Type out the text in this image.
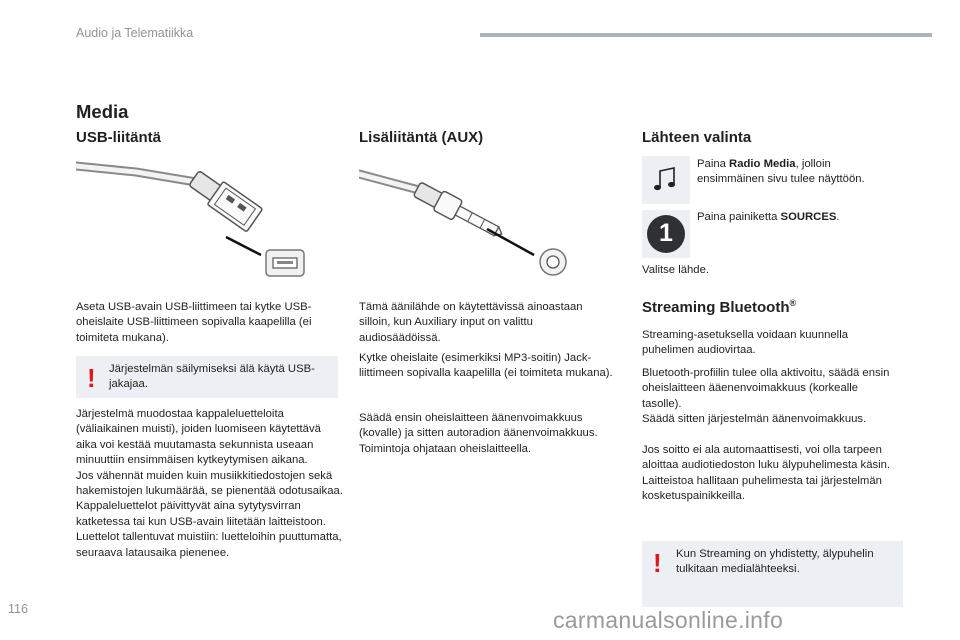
Audio ja Telematiikka
Media
USB-liitäntä

Aseta USB-avain USB-liittimeen tai kytke USB-oheislaite USB-liittimeen sopivalla kaapelilla (ei toimiteta mukana).

! Järjestelmän säilymiseksi älä käytä USB-jakajaa.

Järjestelmä muodostaa kappaleluetteloita (väliaikainen muisti), joiden luomiseen käytettävä aika voi kestää muutamasta sekunnista useaan minuuttiin ensimmäisen kytkeytymisen aikana.
Jos vähennät muiden kuin musiikkitiedostojen sekä hakemistojen lukumäärää, se pienentää odotusaikaa.
Kappaleluettelot päivittyvät aina sytytysvirran katketessa tai kun USB-avain liitetään laitteistoon. Luettelot tallentuvat muistiin: luetteloihin puuttumatta, seuraava latausaika pienenee.

Lisäliitäntä (AUX)

Tämä äänilähde on käytettävissä ainoastaan silloin, kun Auxiliary input on valittu audiosäädöissä.

Kytke oheislaite (esimerkiksi MP3-soitin) Jack-liittimeen sopivalla kaapelilla (ei toimiteta mukana).

Säädä ensin oheislaitteen äänenvoimakkuus (kovalle) ja sitten autoradion äänenvoimakkuus. Toimintoja ohjataan oheislaitteella.

Lähteen valinta

Paina Radio Media, jolloin ensimmäinen sivu tulee näyttöön.

1

Paina painiketta SOURCES.

Valitse lähde.

Streaming Bluetooth®

Streaming-asetuksella voidaan kuunnella puhelimen audiovirtaa.

Bluetooth-profiilin tulee olla aktivoitu, säädä ensin oheislaitteen ääenenvoimakkuus (korkealle tasolle).
Säädä sitten järjestelmän äänenvoimakkuus.

Jos soitto ei ala automaattisesti, voi olla tarpeen aloittaa audiotiedoston luku älypuhelimesta käsin.
Laitteistoa hallitaan puhelimesta tai järjestelmän kosketuspainikkeilla.

! Kun Streaming on yhdistetty, älypuhelin tulkitaan medialähteeksi.

116	carmanualsonline.info
